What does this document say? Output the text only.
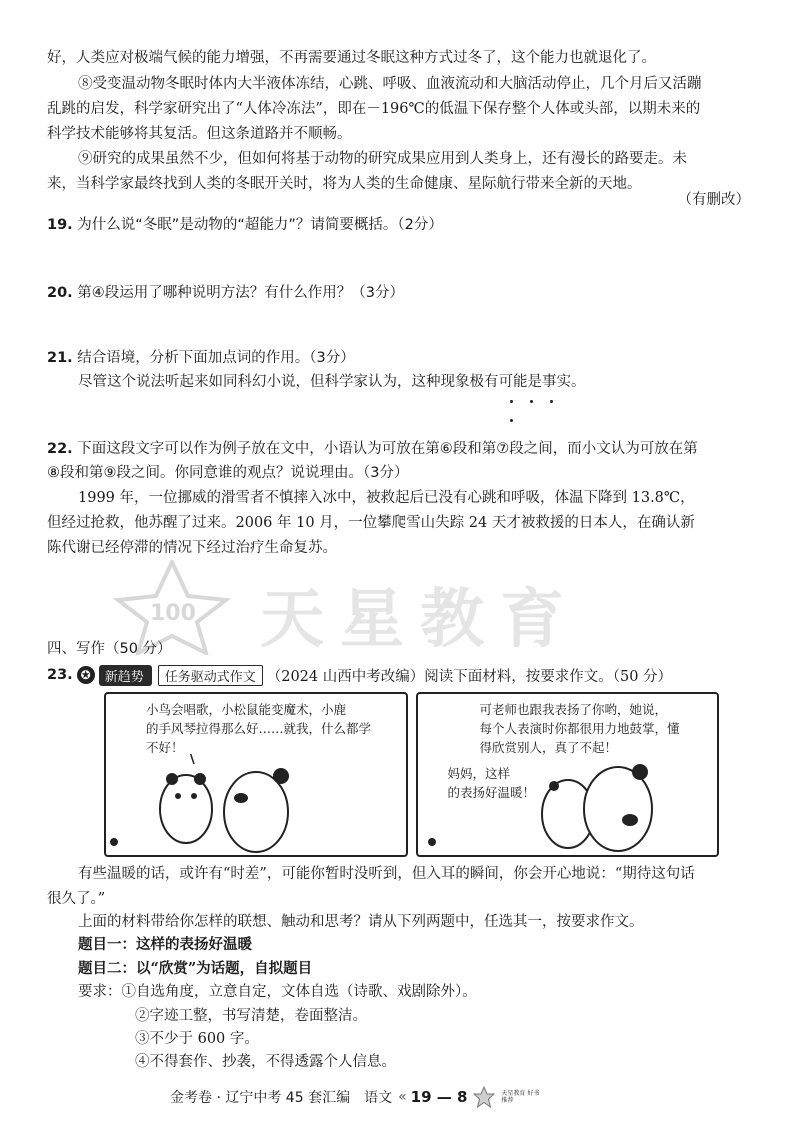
好，人类应对极端气候的能力增强，不再需要通过冬眠这种方式过冬了，这个能力也就退化了。
⑧受变温动物冬眠时体内大半液体冻结，心跳、呼吸、血液流动和大脑活动停止，几个月后又活蹦
乱跳的启发，科学家研究出了“人体冷冻法”，即在－196℃的低温下保存整个人体或头部，以期未来的
科学技术能够将其复活。但这条道路并不顺畅。
⑨研究的成果虽然不少，但如何将基于动物的研究成果应用到人类身上，还有漫长的路要走。未
来，当科学家最终找到人类的冬眠开关时，将为人类的生命健康、星际航行带来全新的天地。
（有删改）
19. 为什么说“冬眠”是动物的“超能力”？请简要概括。（2分）
20. 第④段运用了哪种说明方法？有什么作用？（3分）
21. 结合语境，分析下面加点词的作用。（3分）
尽管这个说法听起来如同科幻小说，但科学家认为，这种现象极有可能是事实。
22. 下面这段文字可以作为例子放在文中，小语认为可放在第⑥段和第⑦段之间，而小文认为可放在第
⑧段和第⑨段之间。你同意谁的观点？说说理由。（3分）
1999 年，一位挪威的滑雪者不慎摔入冰中，被救起后已没有心跳和呼吸，体温下降到 13.8℃，
但经过抢救，他苏醒了过来。2006 年 10 月，一位攀爬雪山失踪 24 天才被救援的日本人，在确认新
陈代谢已经停滞的情况下经过治疗生命复苏。
100 天星教育
四、写作（50 分）
23. ✪	新趋势	任务驱动式作文 （2024 山西中考改编）阅读下面材料，按要求作文。（50 分）
小鸟会唱歌，小松鼠能变魔术，小鹿
的手风琴拉得那么好……就我，什么都学
不好！
可老师也跟我表扬了你哟，她说，
每个人表演时你都很用力地鼓掌，懂
得欣赏别人，真了不起！
妈妈，这样
的表扬好温暖！
有些温暖的话，或许有“时差”，可能你暂时没听到，但入耳的瞬间，你会开心地说：“期待这句话
很久了。”
上面的材料带给你怎样的联想、触动和思考？请从下列两题中，任选其一，按要求作文。
题目一：这样的表扬好温暖
题目二：以“欣赏”为话题，自拟题目
要求：①自选角度，立意自定，文体自选（诗歌、戏剧除外）。
②字迹工整，书写清楚，卷面整洁。
③不少于 600 字。
④不得套作、抄袭，不得透露个人信息。
金考卷 · 辽宁中考 45 套汇编 语文 « 19 — 8	天星教育 好书推荐
